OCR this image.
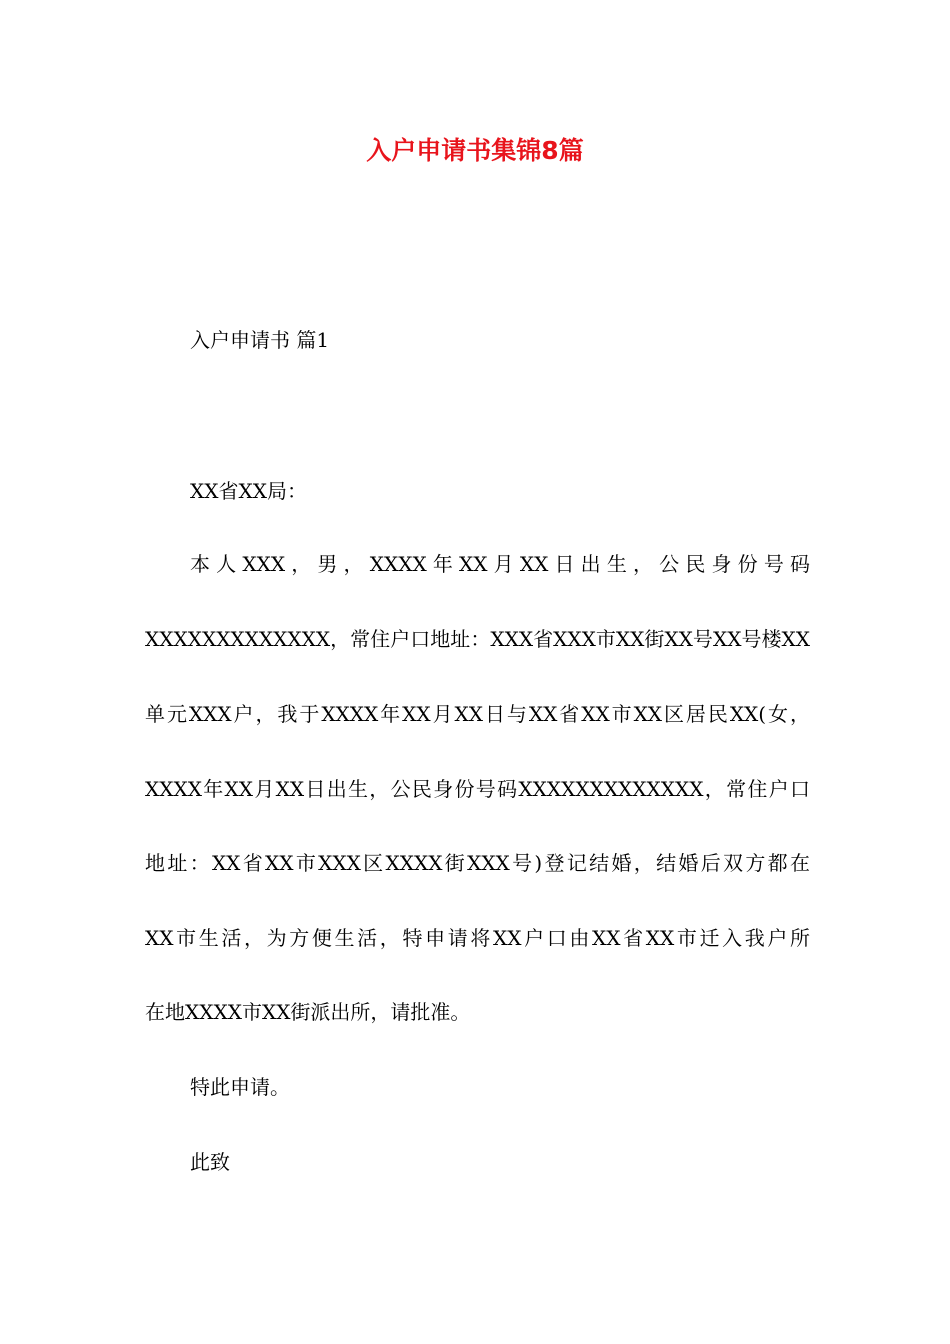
入户申请书集锦8篇

入户申请书 篇1

XX省XX局：

本人XXX，男，XXXX年XX月XX日出生，公民身份号码

XXXXXXXXXXXXX，常住户口地址：XXX省XXX市XX街XX号XX号楼XX

单元XXX户，我于XXXX年XX月XX日与XX省XX市XX区居民XX(女，

XXXX年XX月XX日出生，公民身份号码XXXXXXXXXXXXX，常住户口

地址：XX省XX市XXX区XXXX街XXX号)登记结婚，结婚后双方都在

XX市生活，为方便生活，特申请将XX户口由XX省XX市迁入我户所

在地XXXX市XX街派出所，请批准。

特此申请。

此致
